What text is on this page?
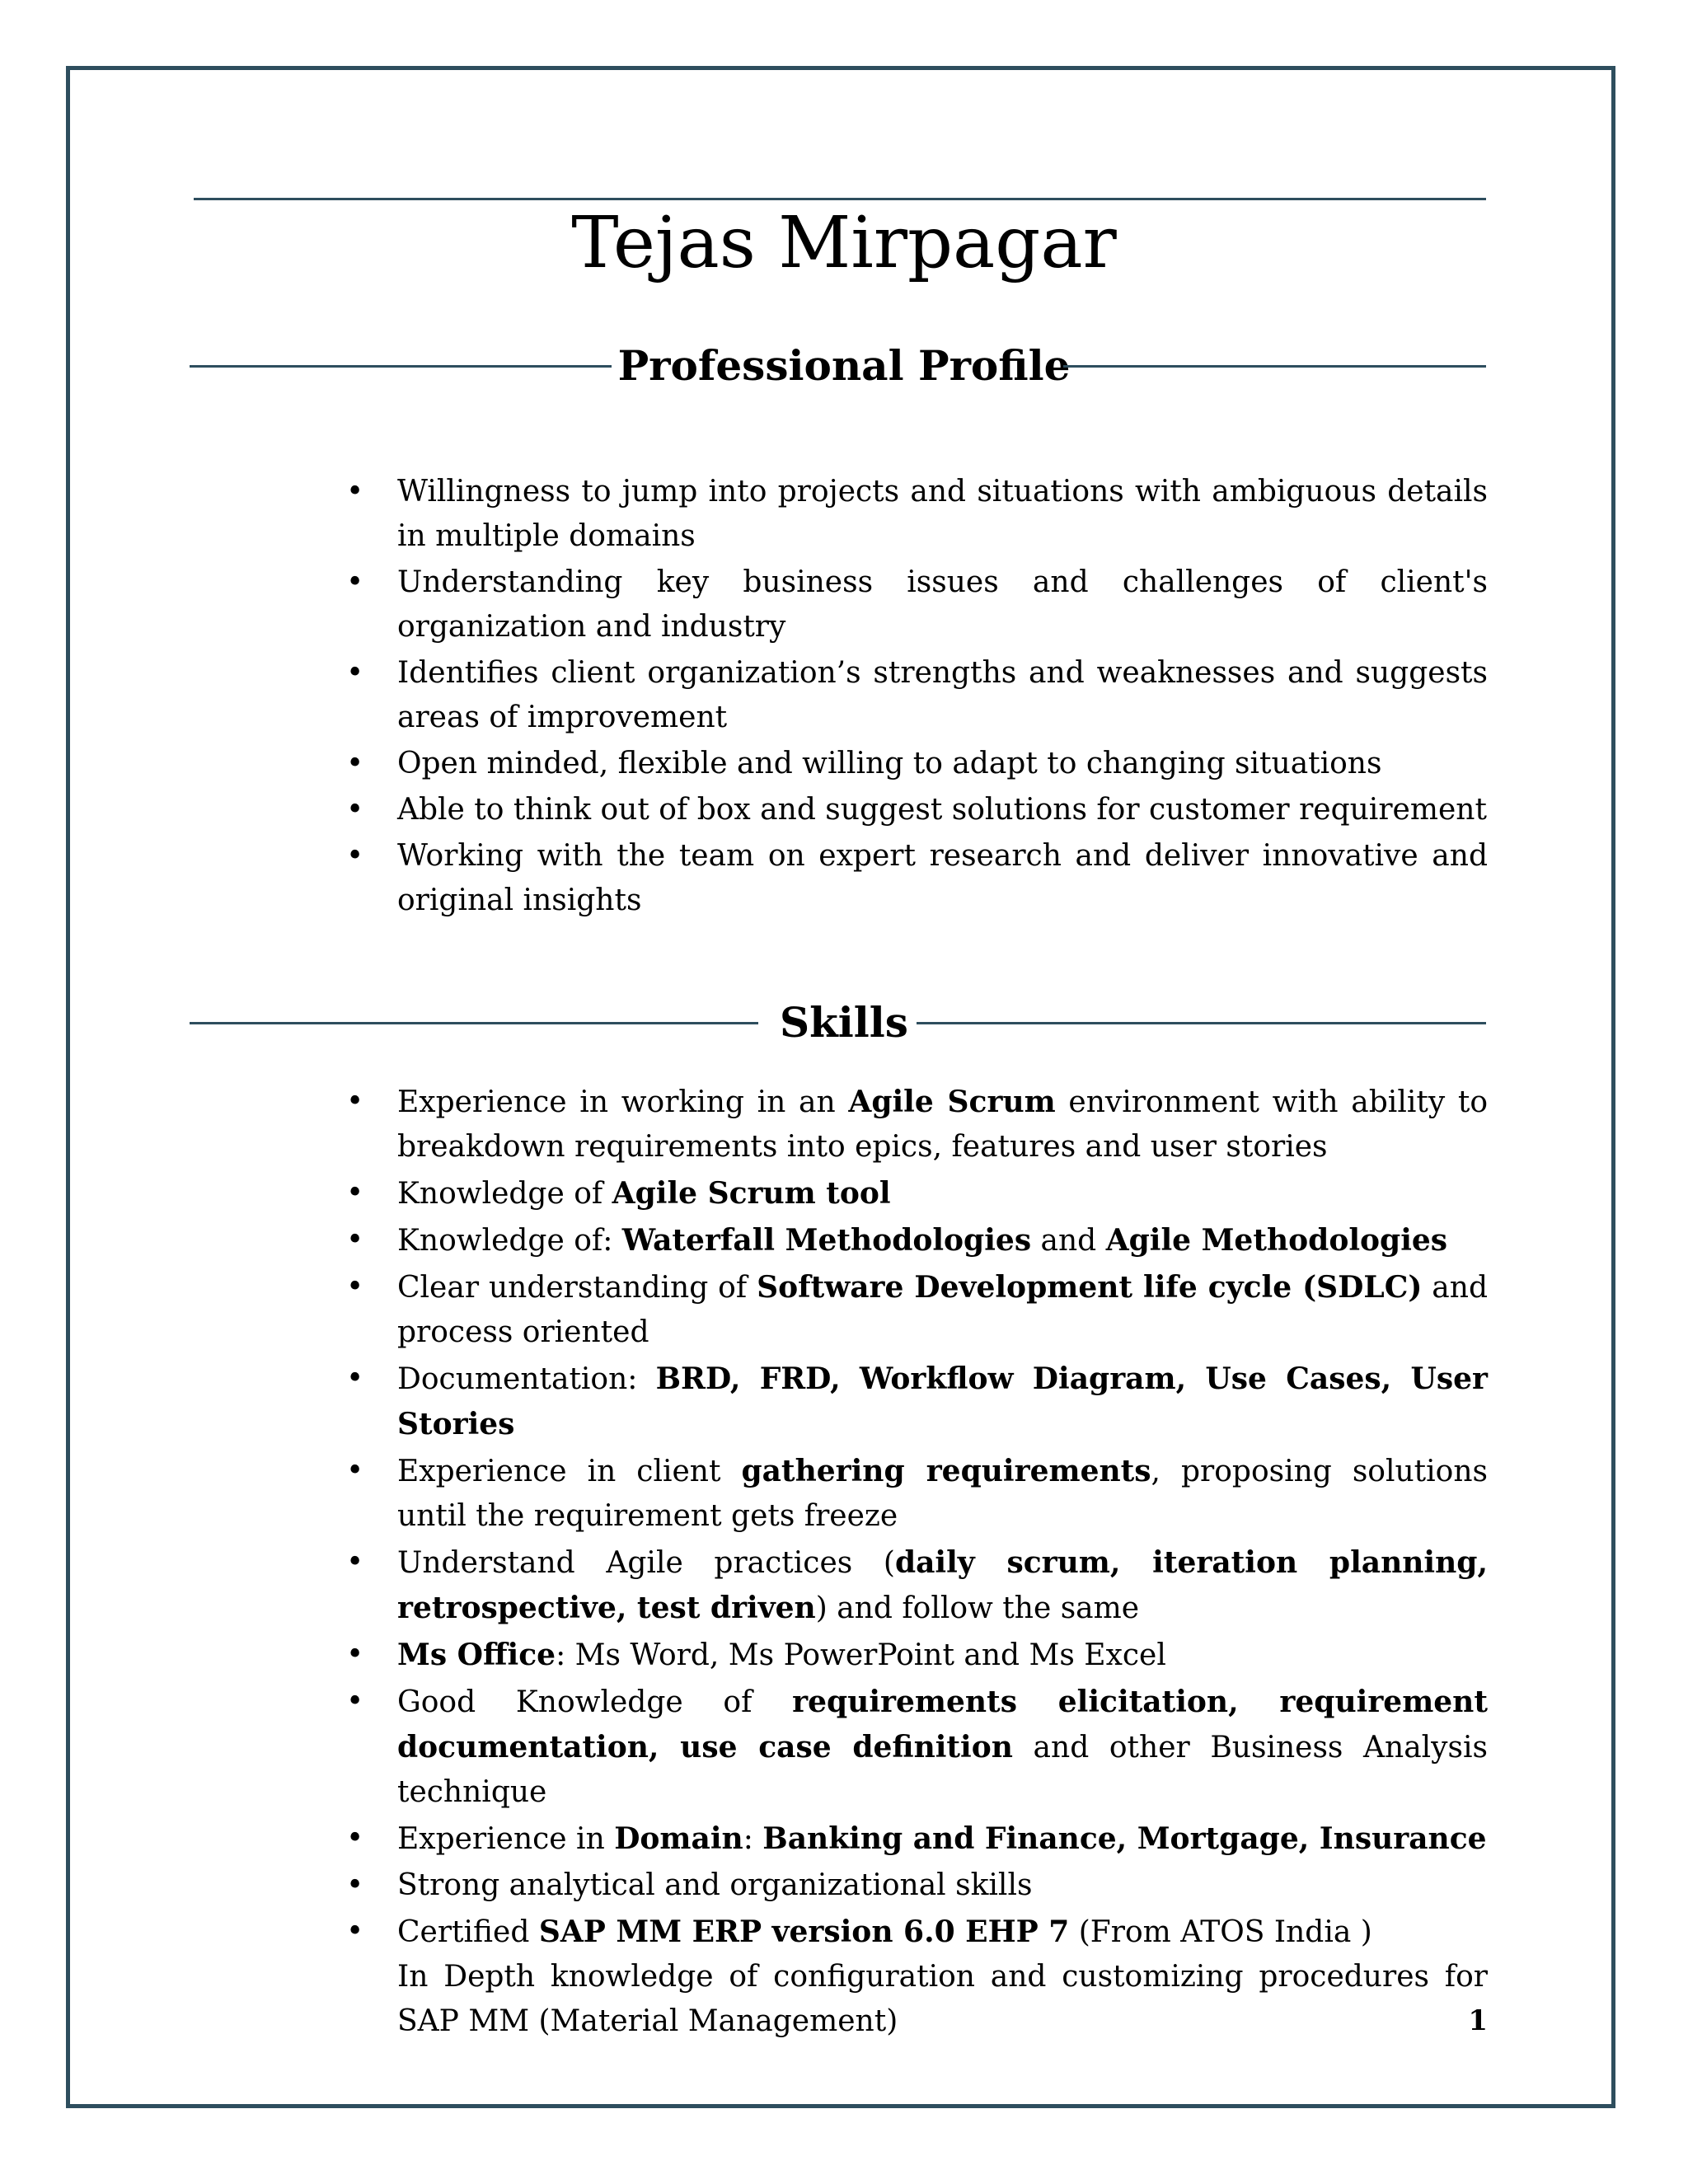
Tejas Mirpagar
Professional Profile
• Willingness to jump into projects and situations with ambiguous details in multiple domains
• Understanding key business issues and challenges of client's organization and industry
• Identifies client organization’s strengths and weaknesses and suggests areas of improvement
• Open minded, flexible and willing to adapt to changing situations
• Able to think out of box and suggest solutions for customer requirement
• Working with the team on expert research and deliver innovative and original insights
Skills
• Experience in working in an Agile Scrum environment with ability to breakdown requirements into epics, features and user stories
• Knowledge of Agile Scrum tool
• Knowledge of: Waterfall Methodologies and Agile Methodologies
• Clear understanding of Software Development life cycle (SDLC) and process oriented
• Documentation: BRD, FRD, Workflow Diagram, Use Cases, User Stories
• Experience in client gathering requirements, proposing solutions until the requirement gets freeze
• Understand Agile practices (daily scrum, iteration planning, retrospective, test driven) and follow the same
• Ms Office: Ms Word, Ms PowerPoint and Ms Excel
• Good Knowledge of requirements elicitation, requirement documentation, use case definition and other Business Analysis technique
• Experience in Domain: Banking and Finance, Mortgage, Insurance
• Strong analytical and organizational skills
• Certified SAP MM ERP version 6.0 EHP 7 (From ATOS India )
In Depth knowledge of configuration and customizing procedures for SAP MM (Material Management)	1
